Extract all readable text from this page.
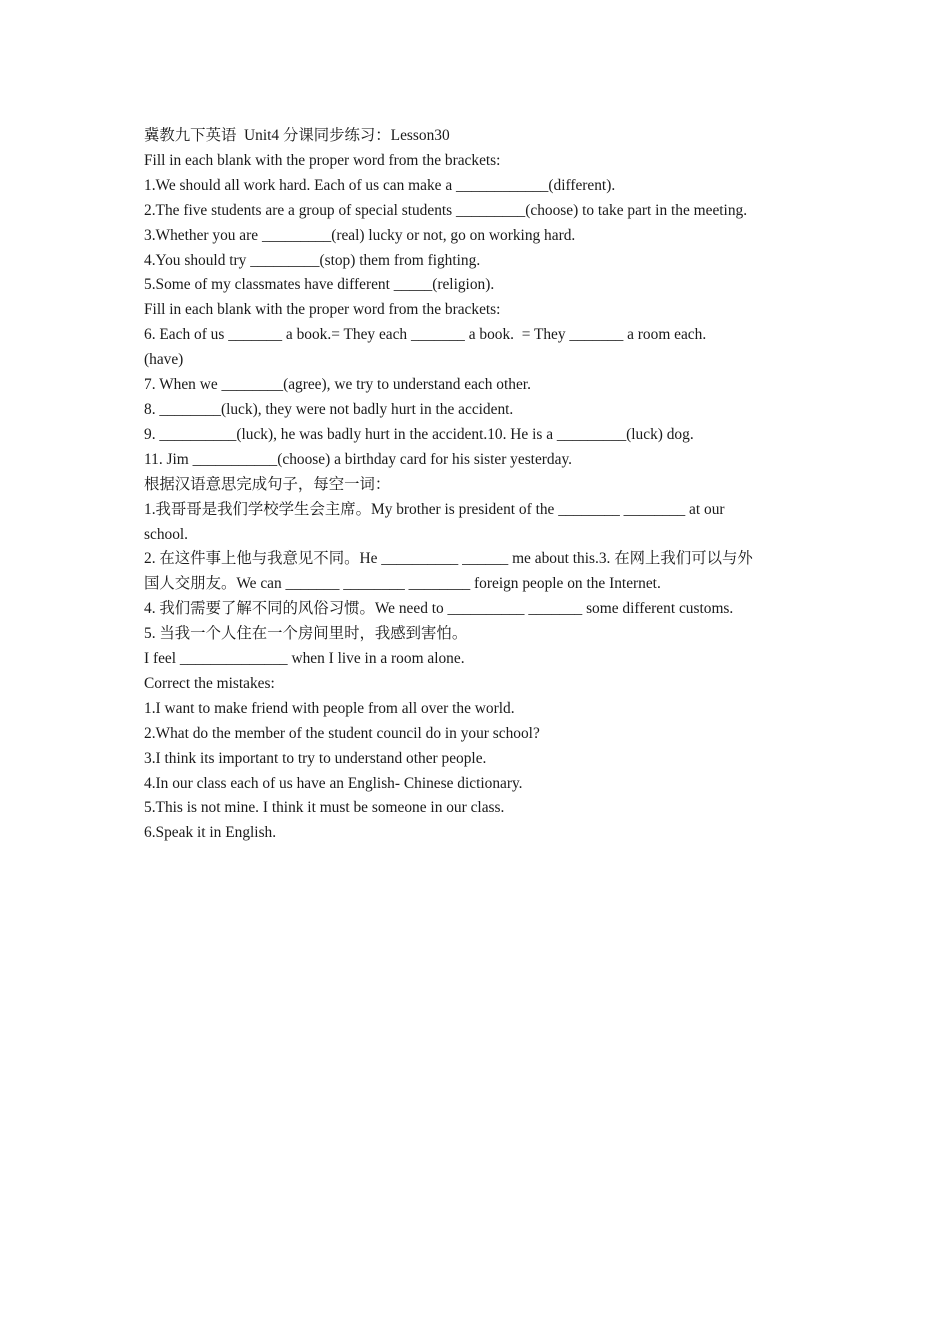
冀教九下英语  Unit4 分课同步练习：Lesson30
Fill in each blank with the proper word from the brackets:
1.We should all work hard. Each of us can make a ____________(different).
2.The five students are a group of special students _________(choose) to take part in the meeting.
3.Whether you are _________(real) lucky or not, go on working hard.
4.You should try _________(stop) them from fighting.
5.Some of my classmates have different _____(religion).
Fill in each blank with the proper word from the brackets:
6. Each of us _______ a book.= They each _______ a book.  = They _______ a room each.
(have)
7. When we ________(agree), we try to understand each other.
8. ________(luck), they were not badly hurt in the accident.
9. __________(luck), he was badly hurt in the accident.10. He is a _________(luck) dog.
11. Jim ___________(choose) a birthday card for his sister yesterday.
根据汉语意思完成句子，每空一词：
1.我哥哥是我们学校学生会主席。My brother is president of the ________ ________ at our
school.
2. 在这件事上他与我意见不同。He __________ ______ me about this.3. 在网上我们可以与外
国人交朋友。We can _______ ________ ________ foreign people on the Internet.
4. 我们需要了解不同的风俗习惯。We need to __________ _______ some different customs.
5. 当我一个人住在一个房间里时，我感到害怕。
I feel ______________ when I live in a room alone.
Correct the mistakes:
1.I want to make friend with people from all over the world.
2.What do the member of the student council do in your school?
3.I think its important to try to understand other people.
4.In our class each of us have an English- Chinese dictionary.
5.This is not mine. I think it must be someone in our class.
6.Speak it in English.
